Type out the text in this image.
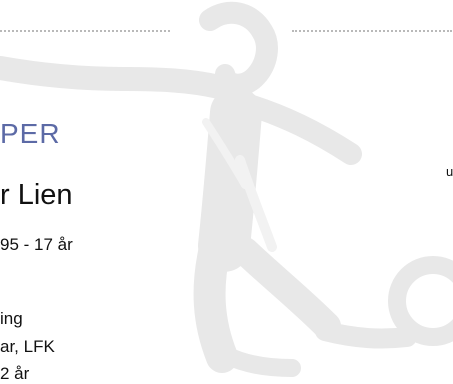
PER
r Lien
95 - 17 år
ing
ar, LFK
2 år
u
